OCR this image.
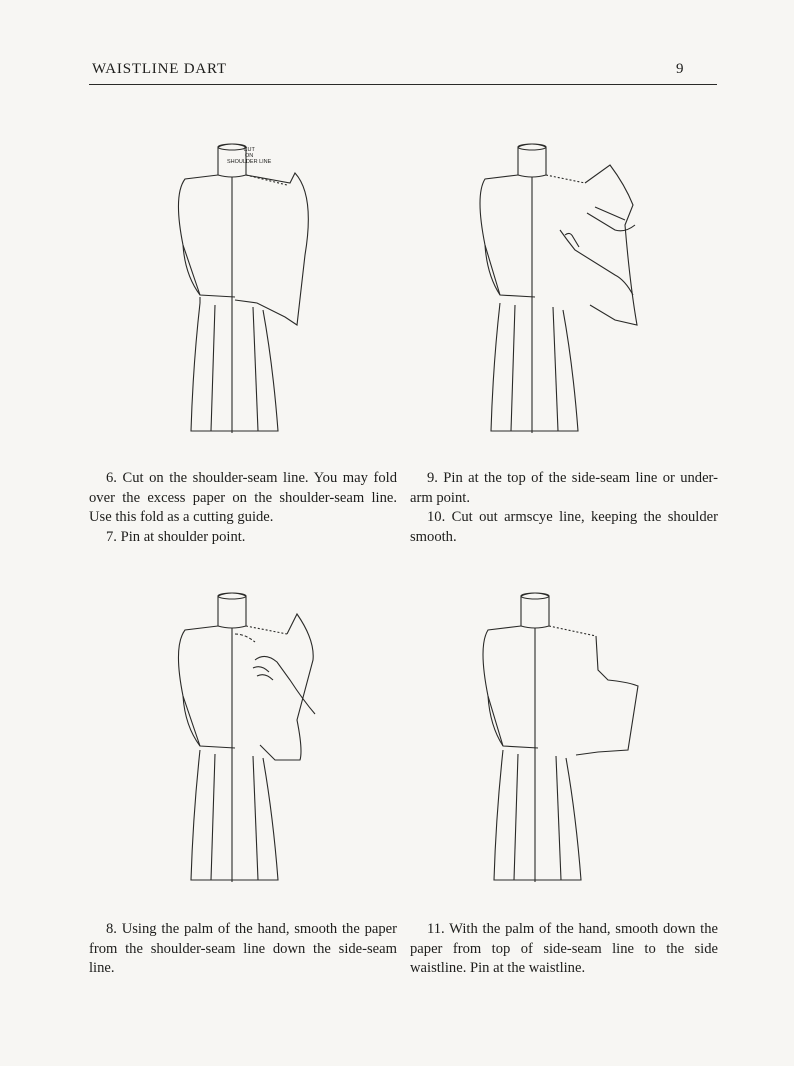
WAISTLINE DART	9

CUT
ON
SHOULDER LINE

6. Cut on the shoulder-seam line. You may fold over the excess paper on the shoulder-seam line. Use this fold as a cutting guide.

7. Pin at shoulder point.

9. Pin at the top of the side-seam line or under-arm point.

10. Cut out armscye line, keeping the shoulder smooth.

8. Using the palm of the hand, smooth the paper from the shoulder-seam line down the side-seam line.

11. With the palm of the hand, smooth down the paper from top of side-seam line to the side waistline. Pin at the waistline.
